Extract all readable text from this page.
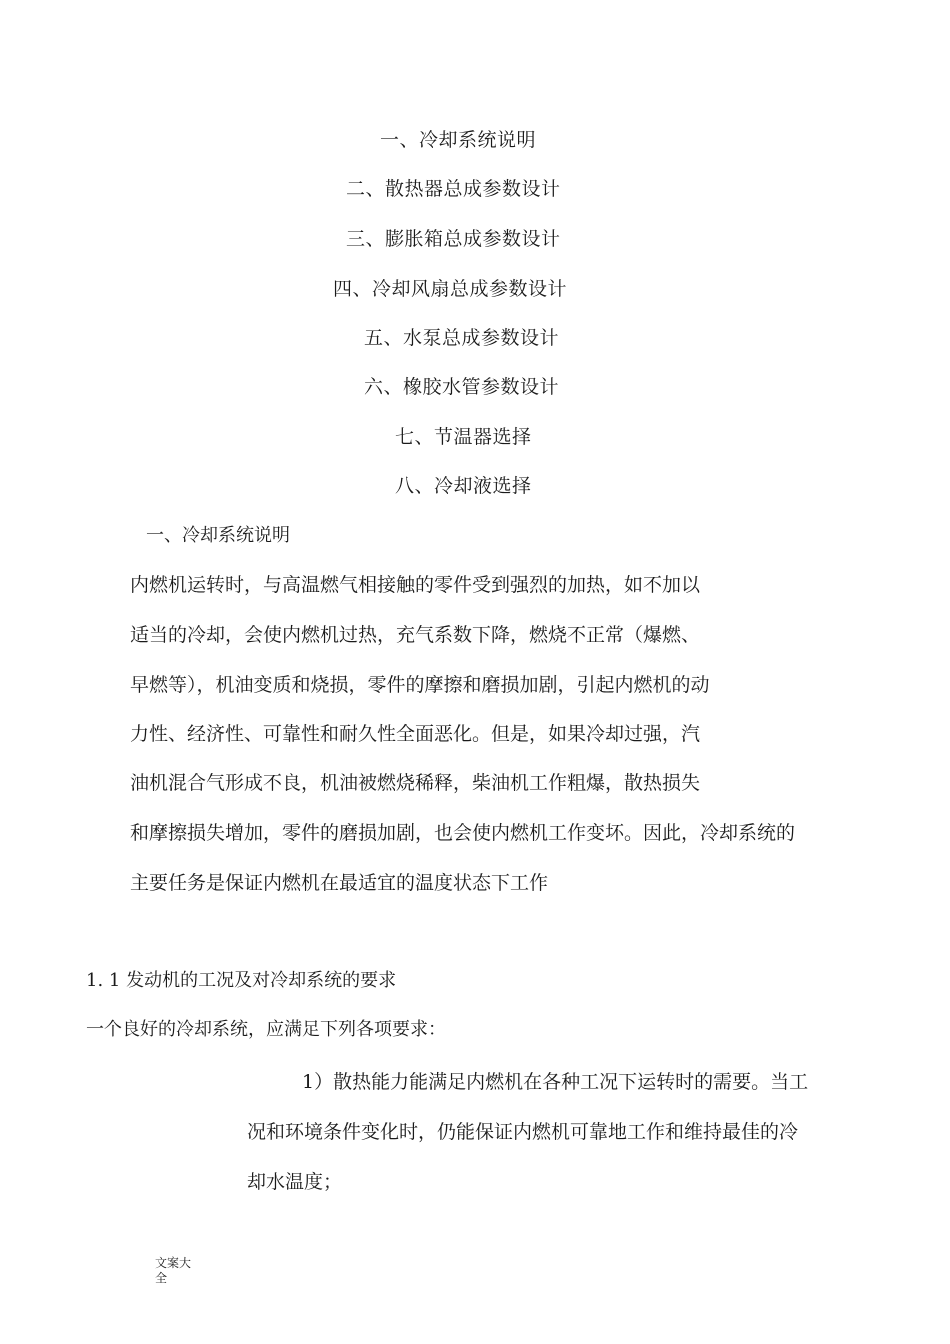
一、冷却系统说明
二、散热器总成参数设计
三、膨胀箱总成参数设计
四、冷却风扇总成参数设计
五、水泵总成参数设计
六、橡胶水管参数设计
七、节温器选择
八、冷却液选择
一、冷却系统说明
内燃机运转时，与高温燃气相接触的零件受到强烈的加热，如不加以
适当的冷却，会使内燃机过热，充气系数下降，燃烧不正常（爆燃、
早燃等），机油变质和烧损，零件的摩擦和磨损加剧，引起内燃机的动
力性、经济性、可靠性和耐久性全面恶化。但是，如果冷却过强，汽
油机混合气形成不良，机油被燃烧稀释，柴油机工作粗爆，散热损失
和摩擦损失增加，零件的磨损加剧，也会使内燃机工作变坏。因此，冷却系统的
主要任务是保证内燃机在最适宜的温度状态下工作
1. 1 发动机的工况及对冷却系统的要求
一个良好的冷却系统，应满足下列各项要求：
1）散热能力能满足内燃机在各种工况下运转时的需要。当工
况和环境条件变化时，仍能保证内燃机可靠地工作和维持最佳的冷
却水温度；
文案大
全
